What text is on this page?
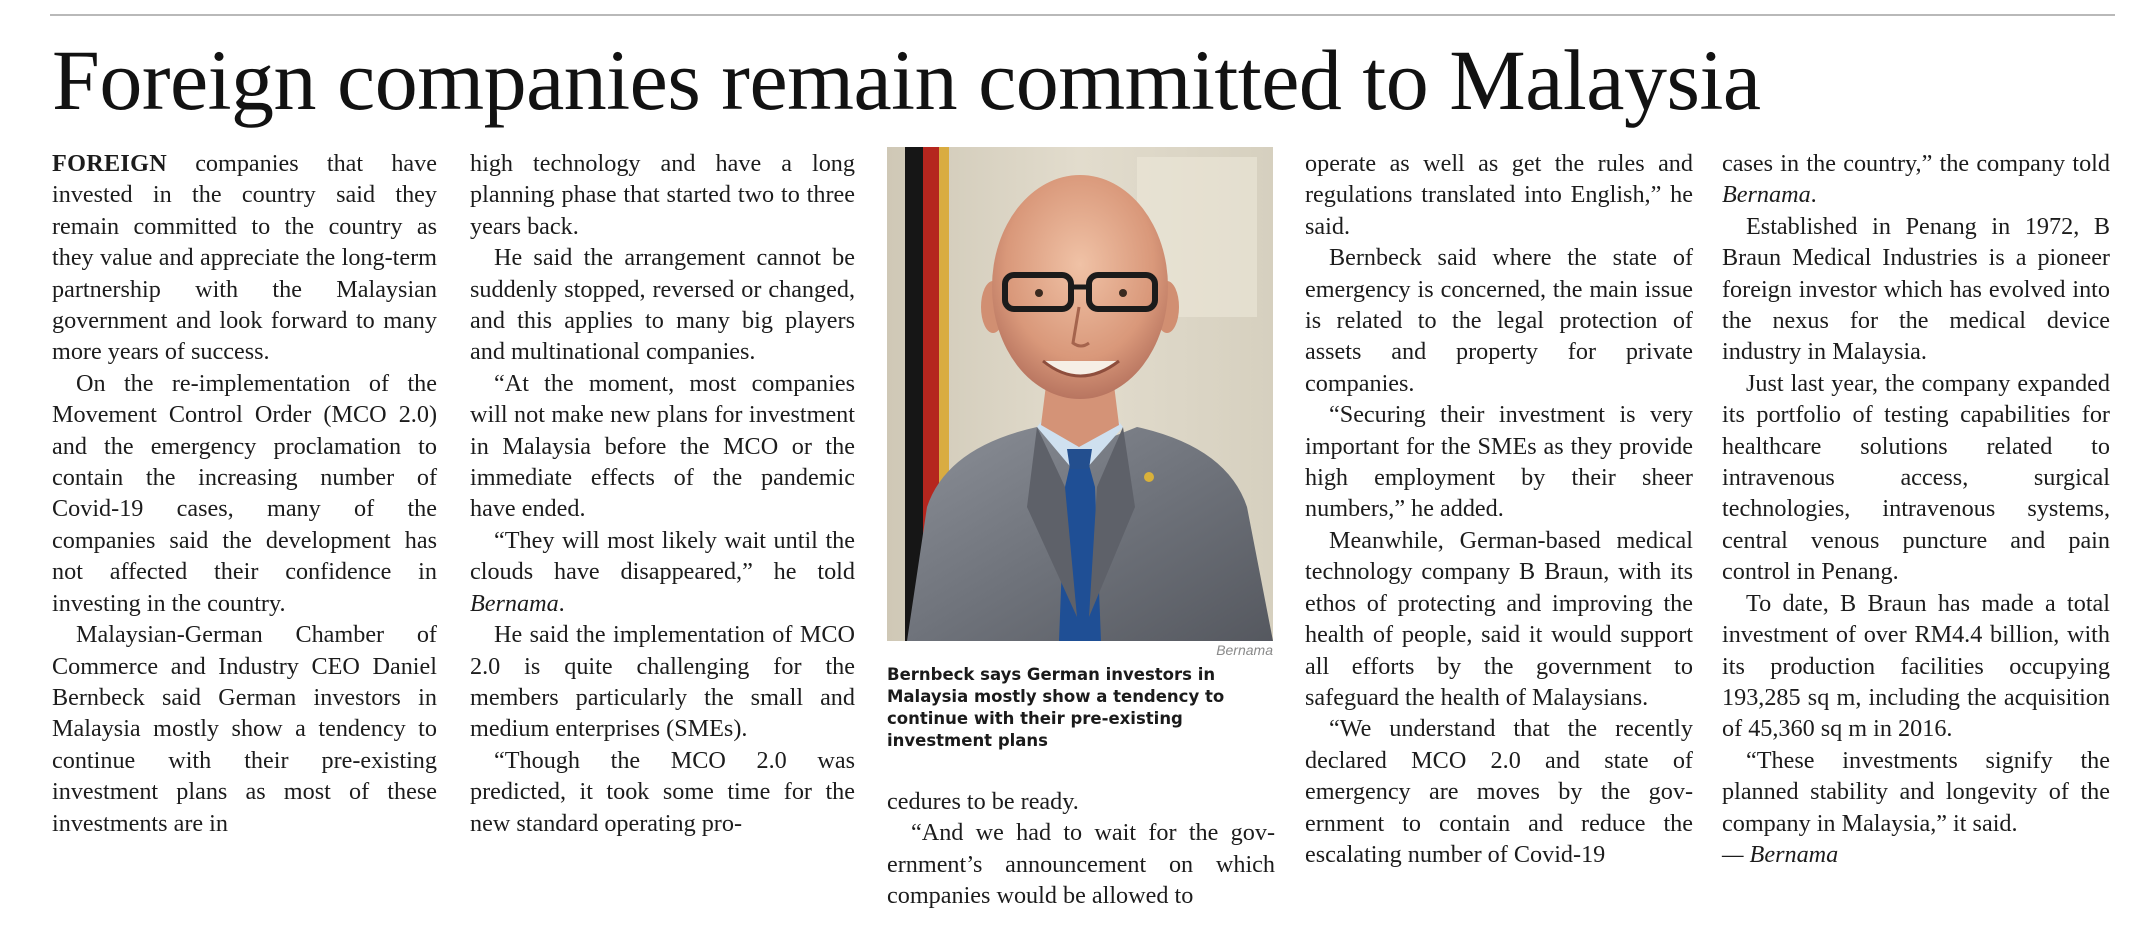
Foreign companies remain committed to Malaysia

FOREIGN companies that have invested in the country said they remain committed to the country as they value and appreciate the long-term partnership with the Malaysian government and look forward to many more years of success.

On the re-implementation of the Movement Control Order (MCO 2.0) and the emergency proclamation to contain the increasing number of Covid-19 cases, many of the companies said the development has not affected their confidence in investing in the country.

Malaysian-German Chamber of Commerce and Industry CEO Daniel Bernbeck said German investors in Malaysia mostly show a tendency to continue with their pre-existing investment plans as most of these investments are in

high technology and have a long planning phase that started two to three years back.

He said the arrangement cannot be suddenly stopped, reversed or changed, and this applies to many big players and multinational companies.

“At the moment, most companies will not make new plans for investment in Malaysia before the MCO or the immediate effects of the pandemic have ended.

“They will most likely wait until the clouds have disappeared,” he told Bernama.

He said the implementation of MCO 2.0 is quite challenging for the members particularly the small and medium enterprises (SMEs).

“Though the MCO 2.0 was predicted, it took some time for the new standard operating pro-

Bernama
Bernbeck says German investors in Malaysia mostly show a tendency to continue with their pre-existing investment plans

cedures to be ready.

“And we had to wait for the government’s announcement on which companies would be allowed to

operate as well as get the rules and regulations translated into English,” he said.

Bernbeck said where the state of emergency is concerned, the main issue is related to the legal protection of assets and property for private companies.

“Securing their investment is very important for the SMEs as they provide high employment by their sheer numbers,” he added.

Meanwhile, German-based medical technology company B Braun, with its ethos of protecting and improving the health of people, said it would support all efforts by the government to safeguard the health of Malaysians.

“We understand that the recently declared MCO 2.0 and state of emergency are moves by the government to contain and reduce the escalating number of Covid-19

cases in the country,” the company told Bernama.

Established in Penang in 1972, B Braun Medical Industries is a pioneer foreign investor which has evolved into the nexus for the medical device industry in Malaysia.

Just last year, the company expanded its portfolio of testing capabilities for healthcare solutions related to intravenous access, surgical technologies, intravenous systems, central venous puncture and pain control in Penang.

To date, B Braun has made a total investment of over RM4.4 billion, with its production facilities occupying 193,285 sq m, including the acquisition of 45,360 sq m in 2016.

“These investments signify the planned stability and longevity of the company in Malaysia,” it said.

— Bernama
